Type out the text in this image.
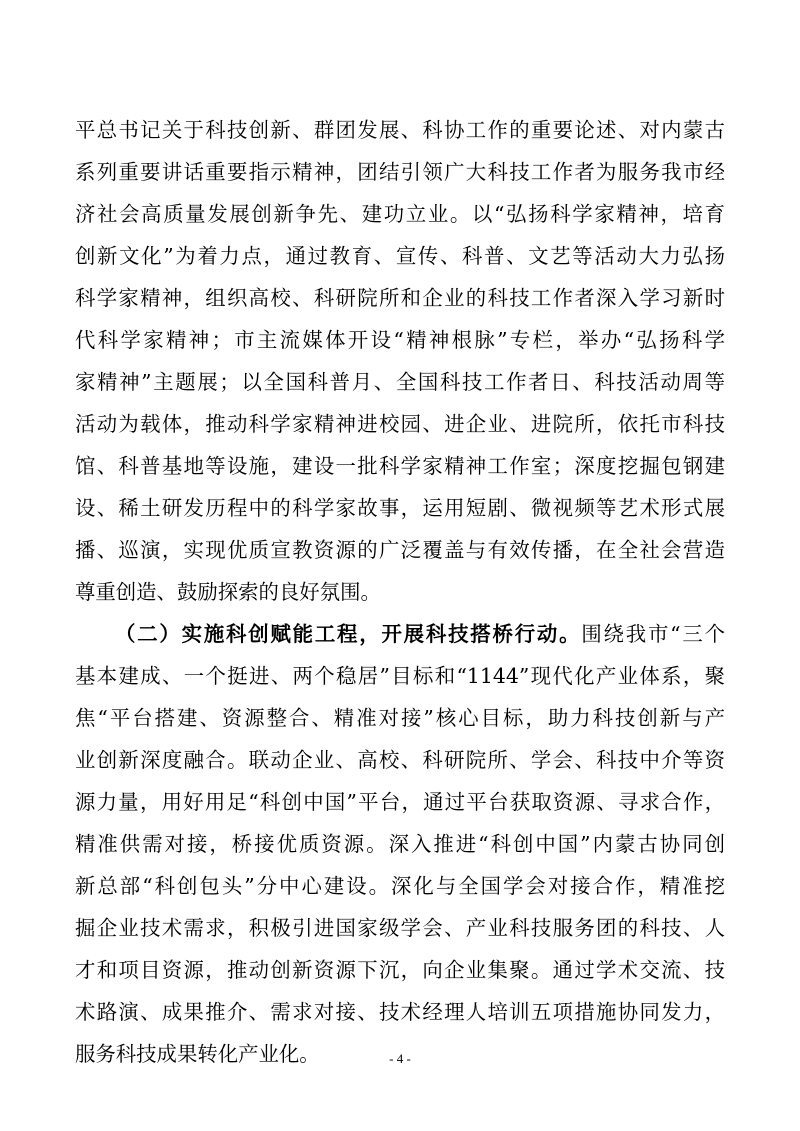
平总书记关于科技创新、群团发展、科协工作的重要论述、对内蒙古
系列重要讲话重要指示精神，团结引领广大科技工作者为服务我市经
济社会高质量发展创新争先、建功立业。以“弘扬科学家精神，培育
创新文化”为着力点，通过教育、宣传、科普、文艺等活动大力弘扬
科学家精神，组织高校、科研院所和企业的科技工作者深入学习新时
代科学家精神；市主流媒体开设“精神根脉”专栏，举办“弘扬科学
家精神”主题展；以全国科普月、全国科技工作者日、科技活动周等
活动为载体，推动科学家精神进校园、进企业、进院所，依托市科技
馆、科普基地等设施，建设一批科学家精神工作室；深度挖掘包钢建
设、稀土研发历程中的科学家故事，运用短剧、微视频等艺术形式展
播、巡演，实现优质宣教资源的广泛覆盖与有效传播，在全社会营造
尊重创造、鼓励探索的良好氛围。
（二）实施科创赋能工程，开展科技搭桥行动。围绕我市“三个
基本建成、一个挺进、两个稳居”目标和“1144”现代化产业体系，聚
焦“平台搭建、资源整合、精准对接”核心目标，助力科技创新与产
业创新深度融合。联动企业、高校、科研院所、学会、科技中介等资
源力量，用好用足“科创中国”平台，通过平台获取资源、寻求合作，
精准供需对接，桥接优质资源。深入推进“科创中国”内蒙古协同创
新总部“科创包头”分中心建设。深化与全国学会对接合作，精准挖
掘企业技术需求，积极引进国家级学会、产业科技服务团的科技、人
才和项目资源，推动创新资源下沉，向企业集聚。通过学术交流、技
术路演、成果推介、需求对接、技术经理人培训五项措施协同发力，
服务科技成果转化产业化。	- 4 -
